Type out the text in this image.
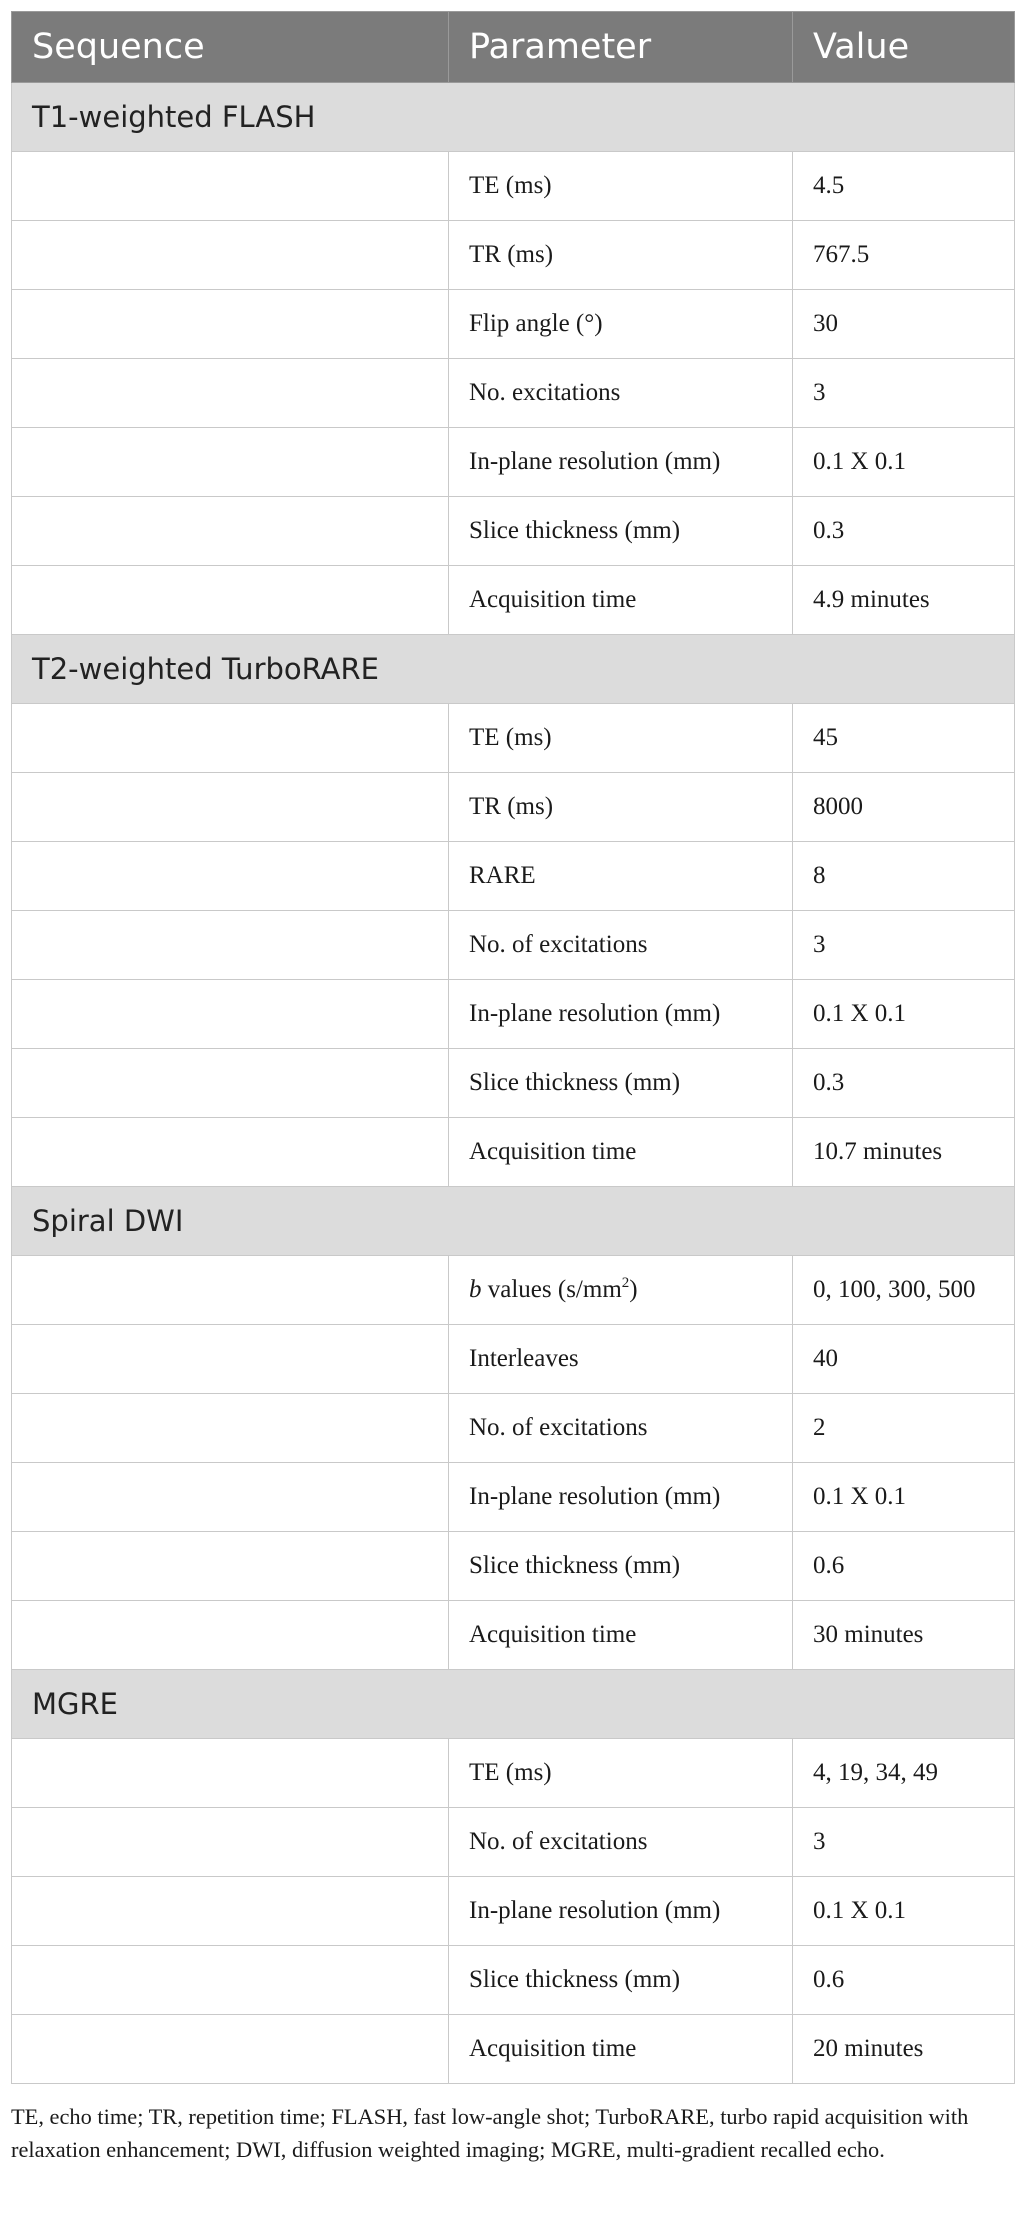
Sequence	Parameter	Value
T1-weighted FLASH		
	TE (ms)	4.5
	TR (ms)	767.5
	Flip angle (°)	30
	No. excitations	3
	In-plane resolution (mm)	0.1 X 0.1
	Slice thickness (mm)	0.3
	Acquisition time	4.9 minutes
T2-weighted TurboRARE		
	TE (ms)	45
	TR (ms)	8000
	RARE	8
	No. of excitations	3
	In-plane resolution (mm)	0.1 X 0.1
	Slice thickness (mm)	0.3
	Acquisition time	10.7 minutes
Spiral DWI		
	b values $(s/mm^2)$	0, 100, 300, 500
	Interleaves	40
	No. of excitations	2
	In-plane resolution (mm)	0.1 X 0.1
	Slice thickness (mm)	0.6
	Acquisition time	30 minutes
MGRE		
	TE (ms)	4, 19, 34, 49
	No. of excitations	3
	In-plane resolution (mm)	0.1 X 0.1
	Slice thickness (mm)	0.6
	Acquisition time	20 minutes
TE, echo time; TR, repetition time; FLASH, fast low-angle shot; TurboRARE, turbo rapid acquisition with relaxation enhancement; DWI, diffusion weighted imaging; MGRE, multi-gradient recalled echo.
